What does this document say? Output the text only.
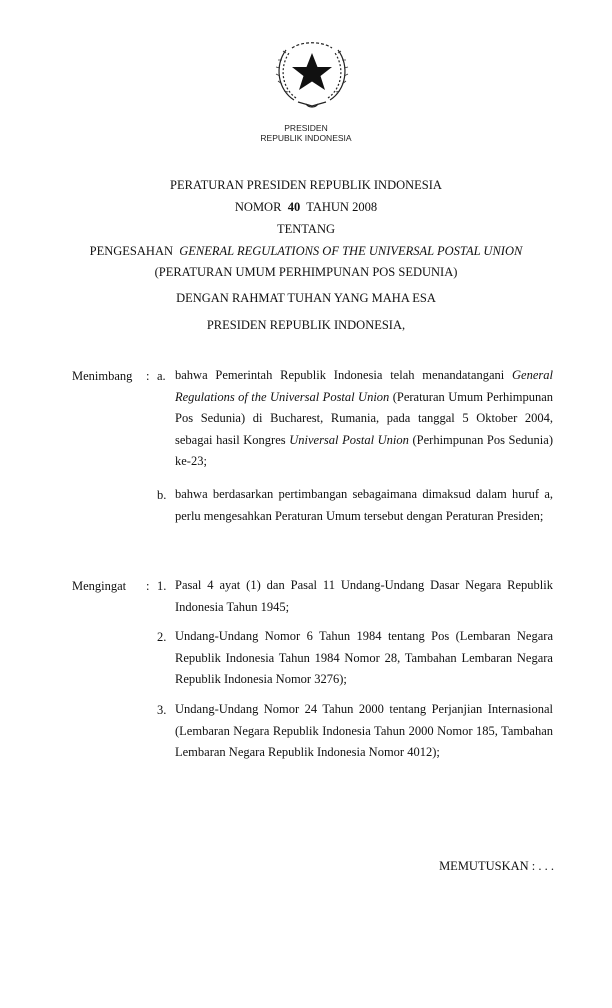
PRESIDEN
REPUBLIK INDONESIA
PERATURAN PRESIDEN REPUBLIK INDONESIA
NOMOR 40 TAHUN 2008
TENTANG
PENGESAHAN GENERAL REGULATIONS OF THE UNIVERSAL POSTAL UNION
(PERATURAN UMUM PERHIMPUNAN POS SEDUNIA)
DENGAN RAHMAT TUHAN YANG MAHA ESA
PRESIDEN REPUBLIK INDONESIA,
Menimbang : a. bahwa Pemerintah Republik Indonesia telah menandatangani General Regulations of the Universal Postal Union (Peraturan Umum Perhimpunan Pos Sedunia) di Bucharest, Rumania, pada tanggal 5 Oktober 2004, sebagai hasil Kongres Universal Postal Union (Perhimpunan Pos Sedunia) ke-23;
b. bahwa berdasarkan pertimbangan sebagaimana dimaksud dalam huruf a, perlu mengesahkan Peraturan Umum tersebut dengan Peraturan Presiden;
Mengingat : 1. Pasal 4 ayat (1) dan Pasal 11 Undang-Undang Dasar Negara Republik Indonesia Tahun 1945;
2. Undang-Undang Nomor 6 Tahun 1984 tentang Pos (Lembaran Negara Republik Indonesia Tahun 1984 Nomor 28, Tambahan Lembaran Negara Republik Indonesia Nomor 3276);
3. Undang-Undang Nomor 24 Tahun 2000 tentang Perjanjian Internasional (Lembaran Negara Republik Indonesia Tahun 2000 Nomor 185, Tambahan Lembaran Negara Republik Indonesia Nomor 4012);
MEMUTUSKAN : . . .
